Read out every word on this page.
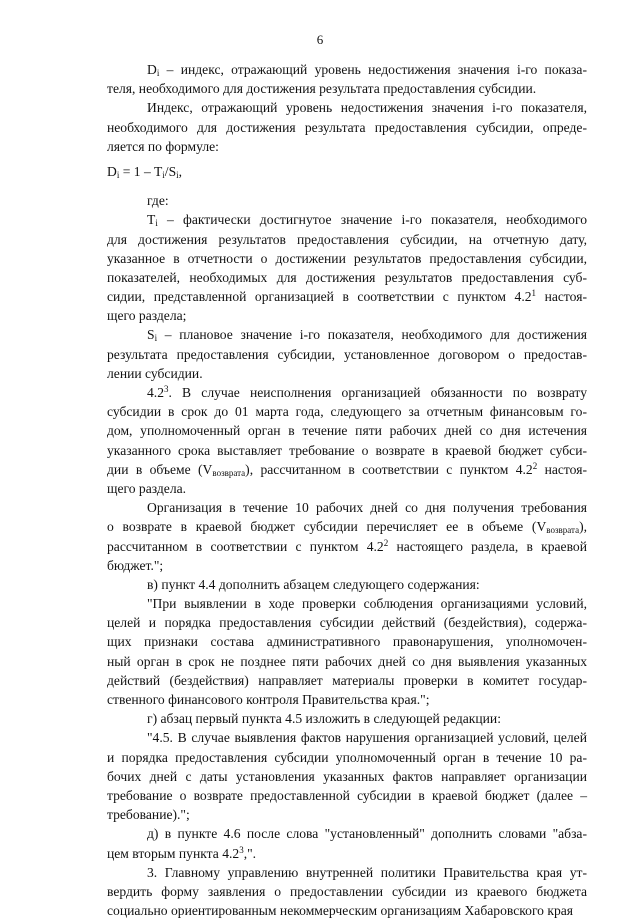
6
$D_i$ – индекс, отражающий уровень недостижения значения i-го показа-
теля, необходимого для достижения результата предоставления субсидии.
Индекс, отражающий уровень недостижения значения i-го показателя,
необходимого для достижения результата предоставления субсидии, опреде-
ляется по формуле:
$D_i = 1 - T_i/S_i$,
где:
$T_i$ – фактически достигнутое значение i-го показателя, необходимого
для достижения результатов предоставления субсидии, на отчетную дату,
указанное в отчетности о достижении результатов предоставления субсидии,
показателей, необходимых для достижения результатов предоставления суб-
сидии, представленной организацией в соответствии с пунктом $4.2^1$ настоя-
щего раздела;
$S_i$ – плановое значение i-го показателя, необходимого для достижения
результата предоставления субсидии, установленное договором о предостав-
лении субсидии.
$4.2^3$. В случае неисполнения организацией обязанности по возврату
субсидии в срок до 01 марта года, следующего за отчетным финансовым го-
дом, уполномоченный орган в течение пяти рабочих дней со дня истечения
указанного срока выставляет требование о возврате в краевой бюджет субси-
дии в объеме $(V_{возврата})$, рассчитанном в соответствии с пунктом $4.2^2$ настоя-
щего раздела.
Организация в течение 10 рабочих дней со дня получения требования
о возврате в краевой бюджет субсидии перечисляет ее в объеме $(V_{возврата})$,
рассчитанном в соответствии с пунктом $4.2^2$ настоящего раздела, в краевой
бюджет.";
в) пункт 4.4 дополнить абзацем следующего содержания:
"При выявлении в ходе проверки соблюдения организациями условий,
целей и порядка предоставления субсидии действий (бездействия), содержа-
щих признаки состава административного правонарушения, уполномочен-
ный орган в срок не позднее пяти рабочих дней со дня выявления указанных
действий (бездействия) направляет материалы проверки в комитет государ-
ственного финансового контроля Правительства края.";
г) абзац первый пункта 4.5 изложить в следующей редакции:
"4.5. В случае выявления фактов нарушения организацией условий, целей
и порядка предоставления субсидии уполномоченный орган в течение 10 ра-
бочих дней с даты установления указанных фактов направляет организации
требование о возврате предоставленной субсидии в краевой бюджет (далее –
требование).";
д) в пункте 4.6 после слова "установленный" дополнить словами "абза-
цем вторым пункта $4.2^3$,".
3. Главному управлению внутренней политики Правительства края ут-
вердить форму заявления о предоставлении субсидии из краевого бюджета
социально ориентированным некоммерческим организациям Хабаровского края
